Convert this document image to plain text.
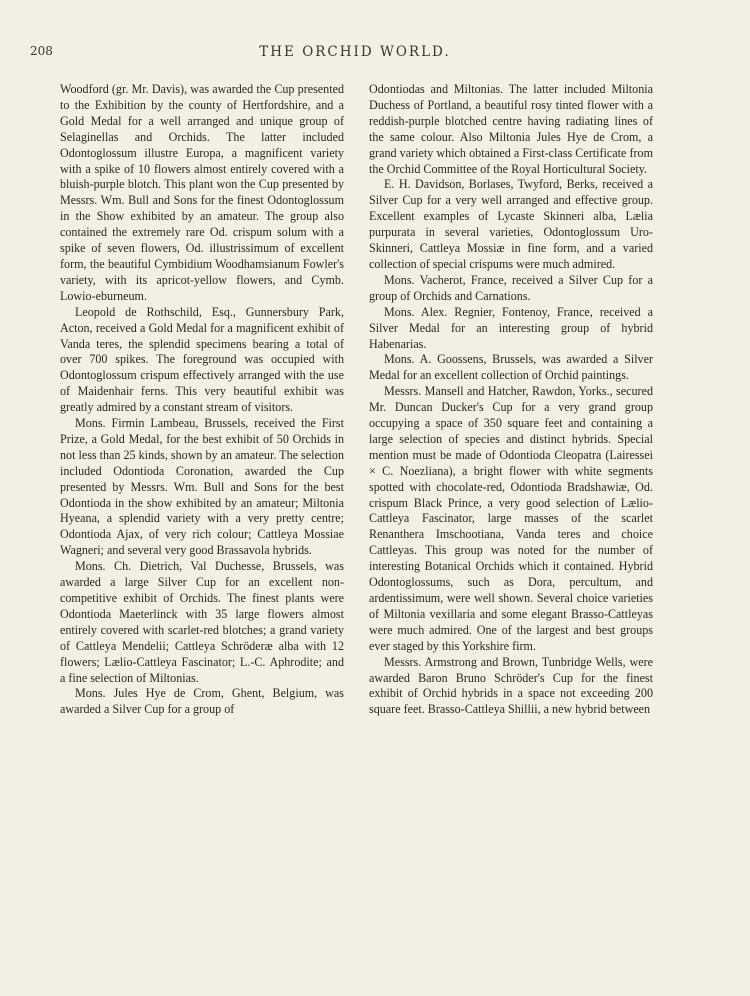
208	THE ORCHID WORLD.

Woodford (gr. Mr. Davis), was awarded the Cup presented to the Exhibition by the county of Hertfordshire, and a Gold Medal for a well arranged and unique group of Selaginellas and Orchids. The latter included Odontoglossum illustre Europa, a magnificent variety with a spike of 10 flowers almost entirely covered with a bluish-purple blotch. This plant won the Cup presented by Messrs. Wm. Bull and Sons for the finest Odontoglossum in the Show exhibited by an amateur. The group also contained the extremely rare Od. crispum solum with a spike of seven flowers, Od. illustrissimum of excellent form, the beautiful Cymbidium Woodhamsianum Fowler's variety, with its apricot-yellow flowers, and Cymb. Lowio-eburneum.

Leopold de Rothschild, Esq., Gunnersbury Park, Acton, received a Gold Medal for a magnificent exhibit of Vanda teres, the splendid specimens bearing a total of over 700 spikes. The foreground was occupied with Odontoglossum crispum effectively arranged with the use of Maidenhair ferns. This very beautiful exhibit was greatly admired by a constant stream of visitors.

Mons. Firmin Lambeau, Brussels, received the First Prize, a Gold Medal, for the best exhibit of 50 Orchids in not less than 25 kinds, shown by an amateur. The selection included Odontioda Coronation, awarded the Cup presented by Messrs. Wm. Bull and Sons for the best Odontioda in the show exhibited by an amateur; Miltonia Hyeana, a splendid variety with a very pretty centre; Odontioda Ajax, of very rich colour; Cattleya Mossiae Wagneri; and several very good Brassavola hybrids.

Mons. Ch. Dietrich, Val Duchesse, Brussels, was awarded a large Silver Cup for an excellent non-competitive exhibit of Orchids. The finest plants were Odontioda Maeterlinck with 35 large flowers almost entirely covered with scarlet-red blotches; a grand variety of Cattleya Mendelii; Cattleya Schröderæ alba with 12 flowers; Lælio-Cattleya Fascinator; L.-C. Aphrodite; and a fine selection of Miltonias.

Mons. Jules Hye de Crom, Ghent, Belgium, was awarded a Silver Cup for a group of

Odontiodas and Miltonias. The latter included Miltonia Duchess of Portland, a beautiful rosy tinted flower with a reddish-purple blotched centre having radiating lines of the same colour. Also Miltonia Jules Hye de Crom, a grand variety which obtained a First-class Certificate from the Orchid Committee of the Royal Horticultural Society.

E. H. Davidson, Borlases, Twyford, Berks, received a Silver Cup for a very well arranged and effective group. Excellent examples of Lycaste Skinneri alba, Lælia purpurata in several varieties, Odontoglossum Uro-Skinneri, Cattleya Mossiæ in fine form, and a varied collection of special crispums were much admired.

Mons. Vacherot, France, received a Silver Cup for a group of Orchids and Carnations.

Mons. Alex. Regnier, Fontenoy, France, received a Silver Medal for an interesting group of hybrid Habenarias.

Mons. A. Goossens, Brussels, was awarded a Silver Medal for an excellent collection of Orchid paintings.

Messrs. Mansell and Hatcher, Rawdon, Yorks., secured Mr. Duncan Ducker's Cup for a very grand group occupying a space of 350 square feet and containing a large selection of species and distinct hybrids. Special mention must be made of Odontioda Cleopatra (Lairessei × C. Noezliana), a bright flower with white segments spotted with chocolate-red, Odontioda Bradshawiæ, Od. crispum Black Prince, a very good selection of Lælio-Cattleya Fascinator, large masses of the scarlet Renanthera Imschootiana, Vanda teres and choice Cattleyas. This group was noted for the number of interesting Botanical Orchids which it contained. Hybrid Odontoglossums, such as Dora, percultum, and ardentissimum, were well shown. Several choice varieties of Miltonia vexillaria and some elegant Brasso-Cattleyas were much admired. One of the largest and best groups ever staged by this Yorkshire firm.

Messrs. Armstrong and Brown, Tunbridge Wells, were awarded Baron Bruno Schröder's Cup for the finest exhibit of Orchid hybrids in a space not exceeding 200 square feet. Brasso-Cattleya Shillii, a new hybrid between
